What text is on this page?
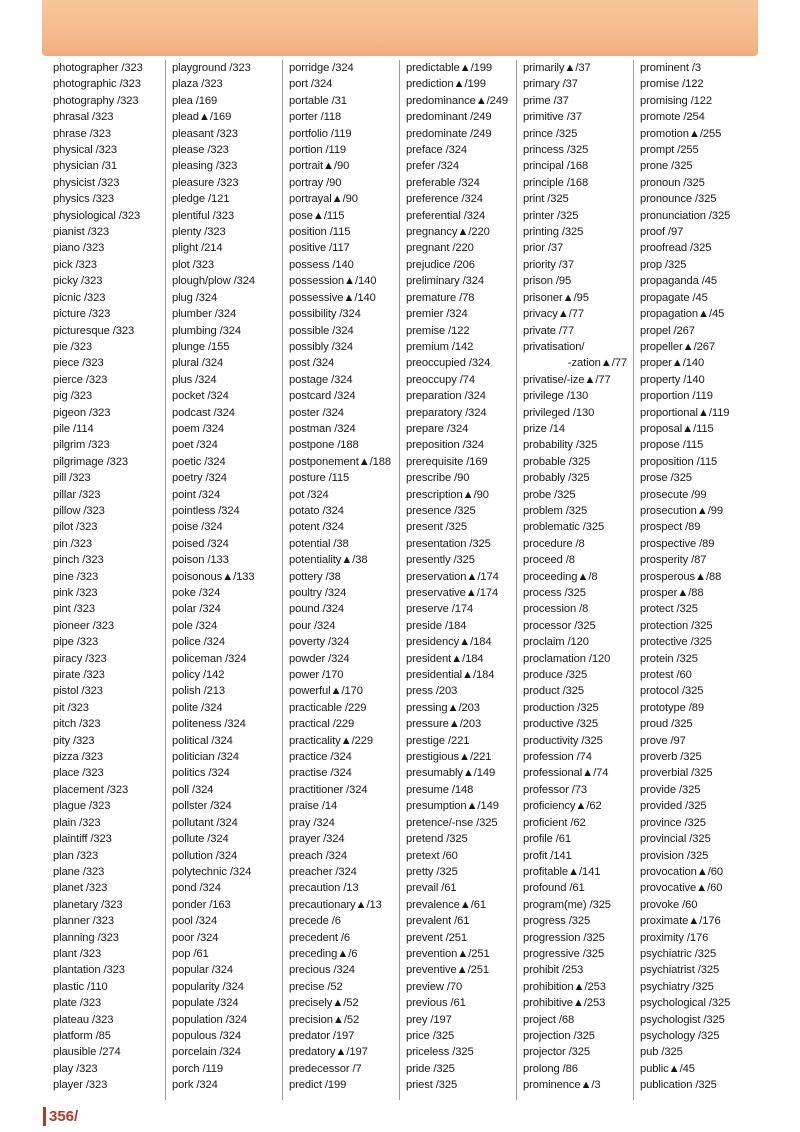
photographer /323
photographic /323
photography /323
phrasal /323
phrase /323
physical /323
physician /31
physicist /323
physics /323
physiological /323
pianist /323
piano /323
pick /323
picky /323
picnic /323
picture /323
picturesque /323
pie /323
piece /323
pierce /323
pig /323
pigeon /323
pile /114
pilgrim /323
pilgrimage /323
pill /323
pillar /323
pillow /323
pilot /323
pin /323
pinch /323
pine /323
pink /323
pint /323
pioneer /323
pipe /323
piracy /323
pirate /323
pistol /323
pit /323
pitch /323
pity /323
pizza /323
place /323
placement /323
plague /323
plain /323
plaintiff /323
plan /323
plane /323
planet /323
planetary /323
planner /323
planning /323
plant /323
plantation /323
plastic /110
plate /323
plateau /323
platform /85
plausible /274
play /323
player /323
playground /323
plaza /323
plea /169
plead▲/169
pleasant /323
please /323
pleasing /323
pleasure /323
pledge /121
plentiful /323
plenty /323
plight /214
plot /323
plough/plow /324
plug /324
plumber /324
plumbing /324
plunge /155
plural /324
plus /324
pocket /324
podcast /324
poem /324
poet /324
poetic /324
poetry /324
point /324
pointless /324
poise /324
poised /324
poison /133
poisonous▲/133
poke /324
polar /324
pole /324
police /324
policeman /324
policy /142
polish /213
polite /324
politeness /324
political /324
politician /324
politics /324
poll /324
pollster /324
pollutant /324
pollute /324
pollution /324
polytechnic /324
pond /324
ponder /163
pool /324
poor /324
pop /61
popular /324
popularity /324
populate /324
population /324
populous /324
porcelain /324
porch /119
pork /324
porridge /324
port /324
portable /31
porter /118
portfolio /119
portion /119
portrait▲/90
portray /90
portrayal▲/90
pose▲/115
position /115
positive /117
possess /140
possession▲/140
possessive▲/140
possibility /324
possible /324
possibly /324
post /324
postage /324
postcard /324
poster /324
postman /324
postpone /188
postponement▲/188
posture /115
pot /324
potato /324
potent /324
potential /38
potentiality▲/38
pottery /38
poultry /324
pound /324
pour /324
poverty /324
powder /324
power /170
powerful▲/170
practicable /229
practical /229
practicality▲/229
practice /324
practise /324
practitioner /324
praise /14
pray /324
prayer /324
preach /324
preacher /324
precaution /13
precautionary▲/13
precede /6
precedent /6
preceding▲/6
precious /324
precise /52
precisely▲/52
precision▲/52
predator /197
predatory▲/197
predecessor /7
predict /199
predictable▲/199
prediction▲/199
predominance▲/249
predominant /249
predominate /249
preface /324
prefer /324
preferable /324
preference /324
preferential /324
pregnancy▲/220
pregnant /220
prejudice /206
preliminary /324
premature /78
premier /324
premise /122
premium /142
preoccupied /324
preoccupy /74
preparation /324
preparatory /324
prepare /324
preposition /324
prerequisite /169
prescribe /90
prescription▲/90
presence /325
present /325
presentation /325
presently /325
preservation▲/174
preservative▲/174
preserve /174
preside /184
presidency▲/184
president▲/184
presidential▲/184
press /203
pressing▲/203
pressure▲/203
prestige /221
prestigious▲/221
presumably▲/149
presume /148
presumption▲/149
pretence/-nse /325
pretend /325
pretext /60
pretty /325
prevail /61
prevalence▲/61
prevalent /61
prevent /251
prevention▲/251
preventive▲/251
preview /70
previous /61
prey /197
price /325
priceless /325
pride /325
priest /325
primarily▲/37
primary /37
prime /37
primitive /37
prince /325
princess /325
principal /168
principle /168
print /325
printer /325
printing /325
prior /37
priority /37
prison /95
prisoner▲/95
privacy▲/77
private /77
privatisation/
-zation▲/77
privatise/-ize▲/77
privilege /130
privileged /130
prize /14
probability /325
probable /325
probably /325
probe /325
problem /325
problematic /325
procedure /8
proceed /8
proceeding▲/8
process /325
procession /8
processor /325
proclaim /120
proclamation /120
produce /325
product /325
production /325
productive /325
productivity /325
profession /74
professional▲/74
professor /73
proficiency▲/62
proficient /62
profile /61
profit /141
profitable▲/141
profound /61
program(me) /325
progress /325
progression /325
progressive /325
prohibit /253
prohibition▲/253
prohibitive▲/253
project /68
projection /325
projector /325
prolong /86
prominence▲/3
prominent /3
promise /122
promising /122
promote /254
promotion▲/255
prompt /255
prone /325
pronoun /325
pronounce /325
pronunciation /325
proof /97
proofread /325
prop /325
propaganda /45
propagate /45
propagation▲/45
propel /267
propeller▲/267
proper▲/140
property /140
proportion /119
proportional▲/119
proposal▲/115
propose /115
proposition /115
prose /325
prosecute /99
prosecution▲/99
prospect /89
prospective /89
prosperity /87
prosperous▲/88
prosper▲/88
protect /325
protection /325
protective /325
protein /325
protest /60
protocol /325
prototype /89
proud /325
prove /97
proverb /325
proverbial /325
provide /325
provided /325
province /325
provincial /325
provision /325
provocation▲/60
provocative▲/60
provoke /60
proximate▲/176
proximity /176
psychiatric /325
psychiatrist /325
psychiatry /325
psychological /325
psychologist /325
psychology /325
pub /325
public▲/45
publication /325
356/
